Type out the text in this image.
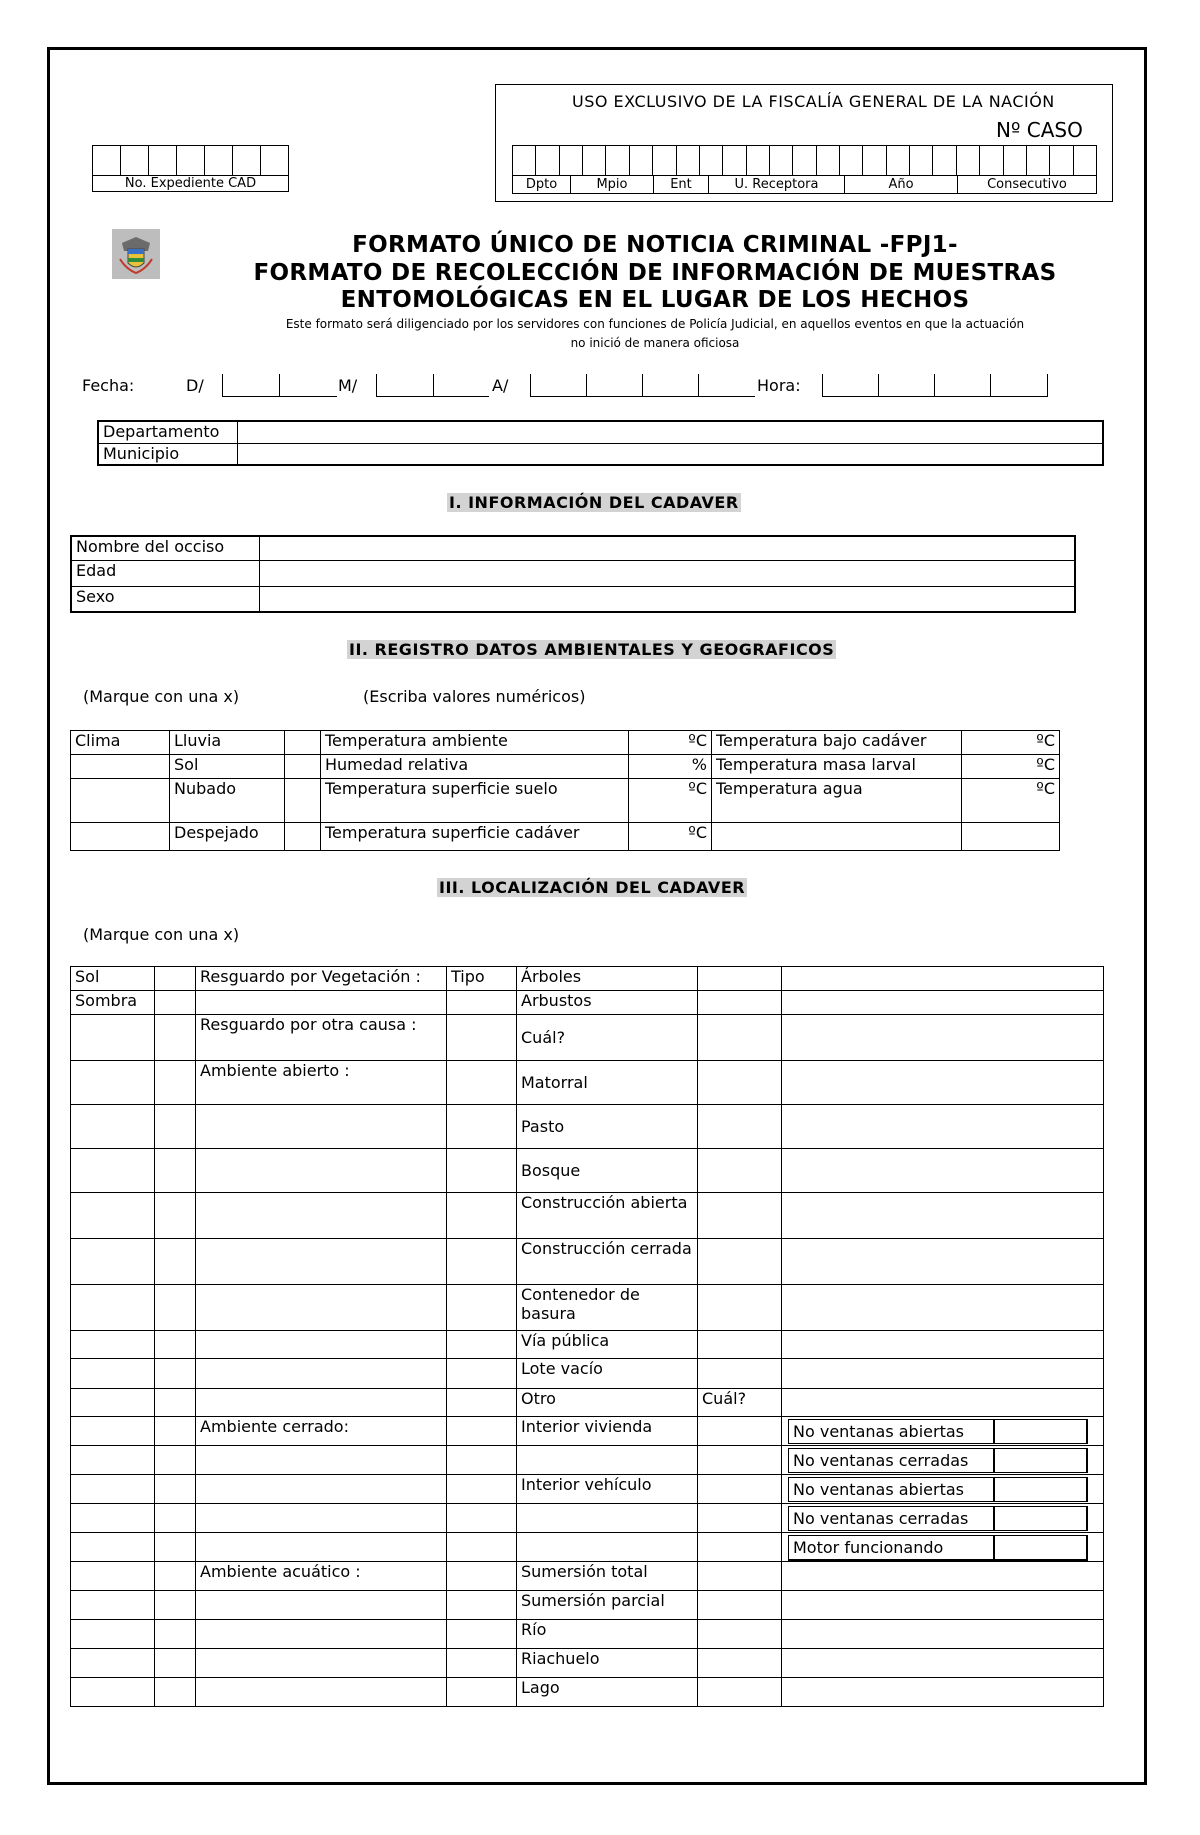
No. Expediente CAD
USO EXCLUSIVO DE LA FISCALÍA GENERAL DE LA NACIÓN
Nº CASO
Dpto	Mpio	Ent	U. Receptora	Año	Consecutivo
FORMATO ÚNICO DE NOTICIA CRIMINAL -FPJ1-
FORMATO DE RECOLECCIÓN DE INFORMACIÓN DE MUESTRAS
ENTOMOLÓGICAS EN EL LUGAR DE LOS HECHOS
Este formato será diligenciado por los servidores con funciones de Policía Judicial, en aquellos eventos en que la actuación
no inició de manera oficiosa
Fecha:	D/	M/	A/	Hora:
Departamento	
Municipio	
I. INFORMACIÓN DEL CADAVER
Nombre del occiso	
Edad	
Sexo	
II. REGISTRO DATOS AMBIENTALES Y GEOGRAFICOS
(Marque con una x)	(Escriba valores numéricos)
Clima	Lluvia		Temperatura ambiente	ºC	Temperatura bajo cadáver	ºC
	Sol		Humedad relativa	%	Temperatura masa larval	ºC
	Nubado		Temperatura superficie suelo	ºC	Temperatura agua	ºC
	Despejado		Temperatura superficie cadáver	ºC		
III. LOCALIZACIÓN DEL CADAVER
(Marque con una x)
Sol		Resguardo por Vegetación :	Tipo	Árboles		
Sombra				Arbustos		
		Resguardo por otra causa :		Cuál?		
		Ambiente abierto :		Matorral		
				Pasto		
				Bosque		
				Construcción abierta		
				Construcción cerrada		
				Contenedor de basura		
				Vía pública		
				Lote vacío		
				Otro	Cuál?	
		Ambiente cerrado:		Interior vivienda		No ventanas abiertas

						No ventanas cerradas

				Interior vehículo		No ventanas abiertas

						No ventanas cerradas

						Motor funcionando

		Ambiente acuático :		Sumersión total		
				Sumersión parcial		
				Río		
				Riachuelo		
				Lago		
